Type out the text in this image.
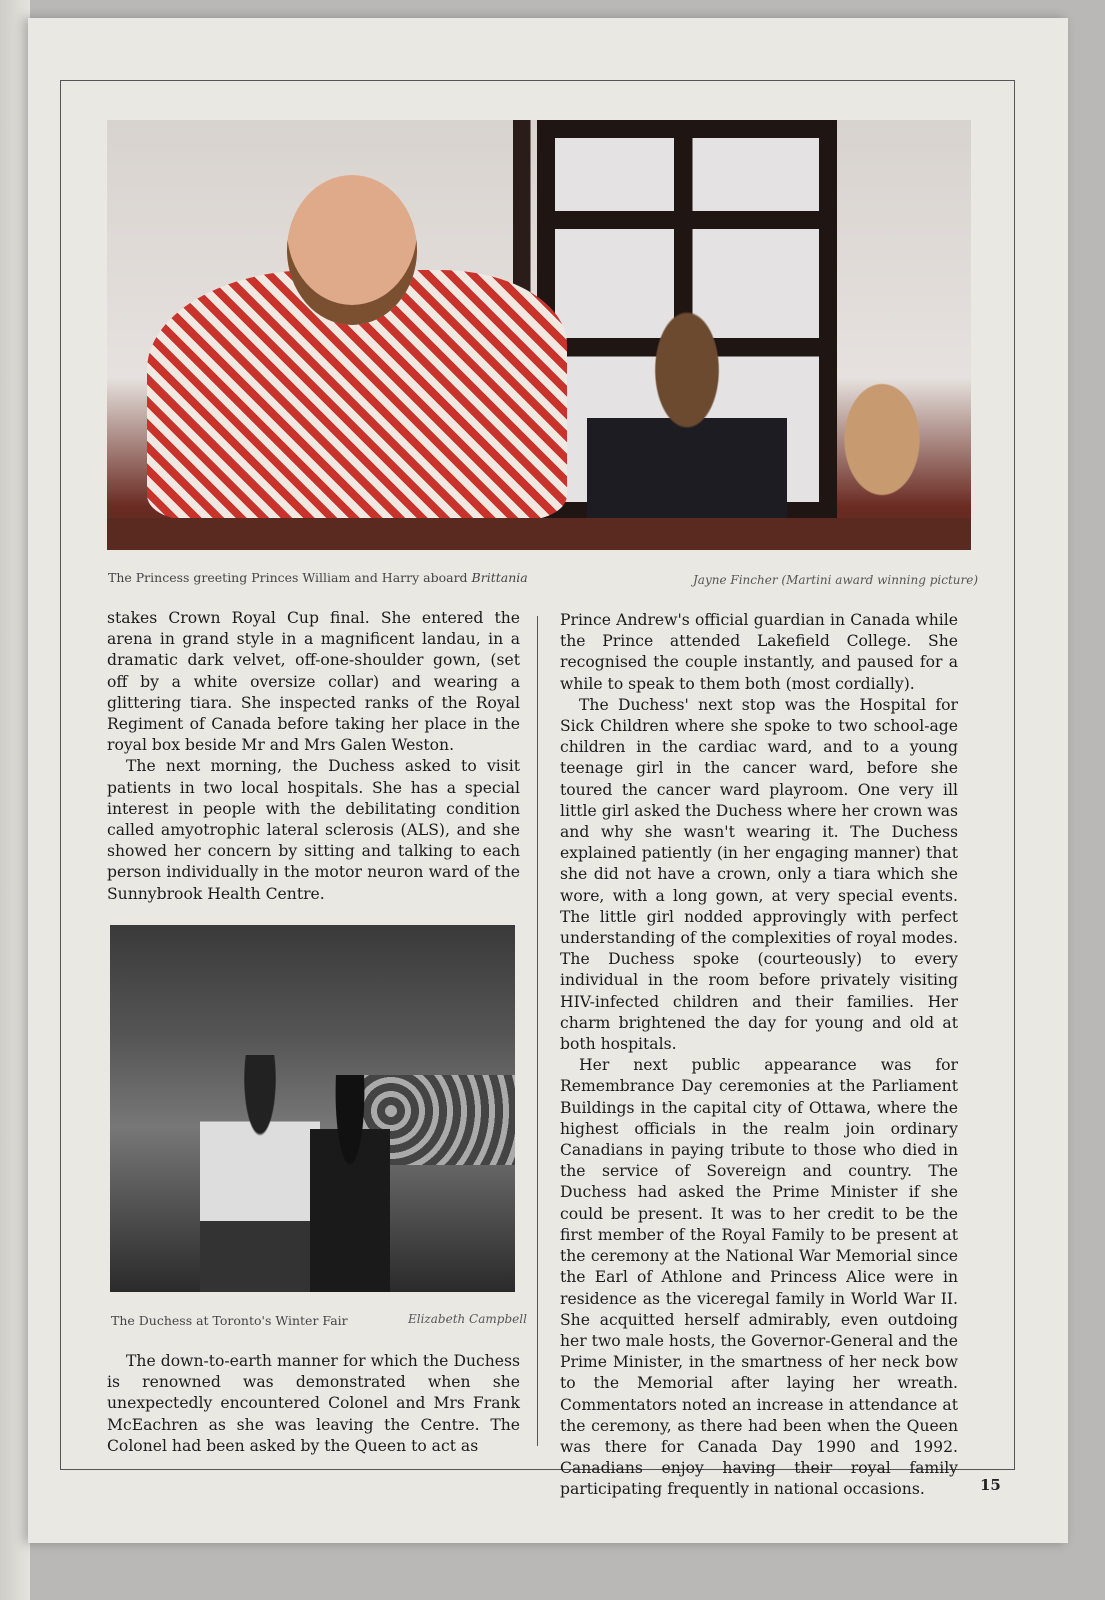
The Princess greeting Princes William and Harry aboard Brittania	Jayne Fincher (Martini award winning picture)

stakes Crown Royal Cup final. She entered the arena in grand style in a magnificent landau, in a dramatic dark velvet, off-one-shoulder gown, (set off by a white oversize collar) and wearing a glittering tiara. She inspected ranks of the Royal Regiment of Canada before taking her place in the royal box beside Mr and Mrs Galen Weston.

The next morning, the Duchess asked to visit patients in two local hospitals. She has a special interest in people with the debilitating condition called amyotrophic lateral sclerosis (ALS), and she showed her concern by sitting and talking to each person individually in the motor neuron ward of the Sunnybrook Health Centre.

The Duchess at Toronto's Winter Fair	Elizabeth Campbell

The down-to-earth manner for which the Duchess is renowned was demonstrated when she unexpectedly encountered Colonel and Mrs Frank McEachren as she was leaving the Centre. The Colonel had been asked by the Queen to act as

Prince Andrew's official guardian in Canada while the Prince attended Lakefield College. She recognised the couple instantly, and paused for a while to speak to them both (most cordially).

The Duchess' next stop was the Hospital for Sick Children where she spoke to two school-age children in the cardiac ward, and to a young teenage girl in the cancer ward, before she toured the cancer ward playroom. One very ill little girl asked the Duchess where her crown was and why she wasn't wearing it. The Duchess explained patiently (in her engaging manner) that she did not have a crown, only a tiara which she wore, with a long gown, at very special events. The little girl nodded approvingly with perfect understanding of the complexities of royal modes. The Duchess spoke (courteously) to every individual in the room before privately visiting HIV-infected children and their families. Her charm brightened the day for young and old at both hospitals.

Her next public appearance was for Remembrance Day ceremonies at the Parliament Buildings in the capital city of Ottawa, where the highest officials in the realm join ordinary Canadians in paying tribute to those who died in the service of Sovereign and country. The Duchess had asked the Prime Minister if she could be present. It was to her credit to be the first member of the Royal Family to be present at the ceremony at the National War Memorial since the Earl of Athlone and Princess Alice were in residence as the viceregal family in World War II. She acquitted herself admirably, even outdoing her two male hosts, the Governor-General and the Prime Minister, in the smartness of her neck bow to the Memorial after laying her wreath. Commentators noted an increase in attendance at the ceremony, as there had been when the Queen was there for Canada Day 1990 and 1992. Canadians enjoy having their royal family participating frequently in national occasions.	15
